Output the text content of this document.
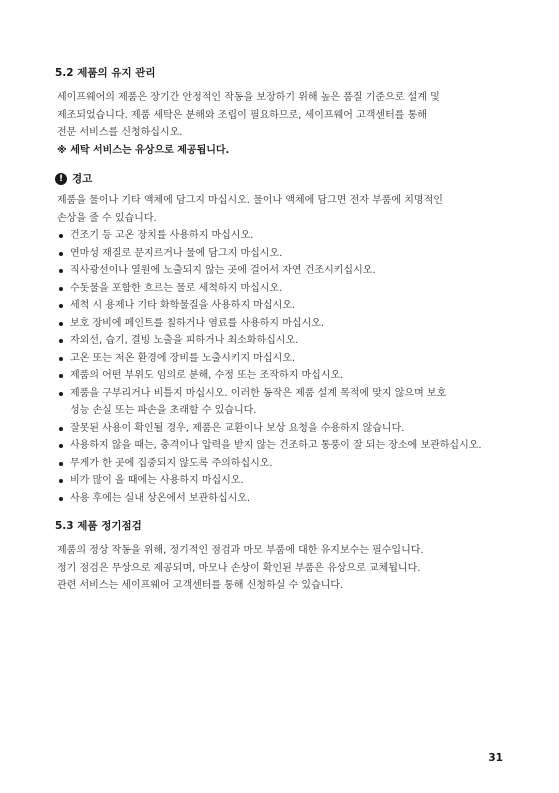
5.2 제품의 유지 관리
세이프웨어의 제품은 장기간 안정적인 작동을 보장하기 위해 높은 품질 기준으로 설계 및
제조되었습니다. 제품 세탁은 분해와 조립이 필요하므로, 세이프웨어 고객센터를 통해
전문 서비스를 신청하십시오.
※ 세탁 서비스는 유상으로 제공됩니다.
! 경고
제품을 물이나 기타 액체에 담그지 마십시오. 물이나 액체에 담그면 전자 부품에 치명적인
손상을 줄 수 있습니다.
건조기 등 고온 장치를 사용하지 마십시오.
연마성 재질로 문지르거나 물에 담그지 마십시오.
직사광선이나 열원에 노출되지 않는 곳에 걸어서 자연 건조시키십시오.
수돗물을 포함한 흐르는 물로 세척하지 마십시오.
세척 시 용제나 기타 화학물질을 사용하지 마십시오.
보호 장비에 페인트를 칠하거나 염료를 사용하지 마십시오.
자외선, 습기, 결빙 노출을 피하거나 최소화하십시오.
고온 또는 저온 환경에 장비를 노출시키지 마십시오.
제품의 어떤 부위도 임의로 분해, 수정 또는 조작하지 마십시오.
제품을 구부리거나 비틀지 마십시오. 이러한 동작은 제품 설계 목적에 맞지 않으며 보호
성능 손실 또는 파손을 초래할 수 있습니다.
잘못된 사용이 확인될 경우, 제품은 교환이나 보상 요청을 수용하지 않습니다.
사용하지 않을 때는, 충격이나 압력을 받지 않는 건조하고 통풍이 잘 되는 장소에 보관하십시오.
무게가 한 곳에 집중되지 않도록 주의하십시오.
비가 많이 올 때에는 사용하지 마십시오.
사용 후에는 실내 상온에서 보관하십시오.
5.3 제품 정기점검
제품의 정상 작동을 위해, 정기적인 점검과 마모 부품에 대한 유지보수는 필수입니다.
정기 점검은 무상으로 제공되며, 마모나 손상이 확인된 부품은 유상으로 교체됩니다.
관련 서비스는 세이프웨어 고객센터를 통해 신청하실 수 있습니다.
31
